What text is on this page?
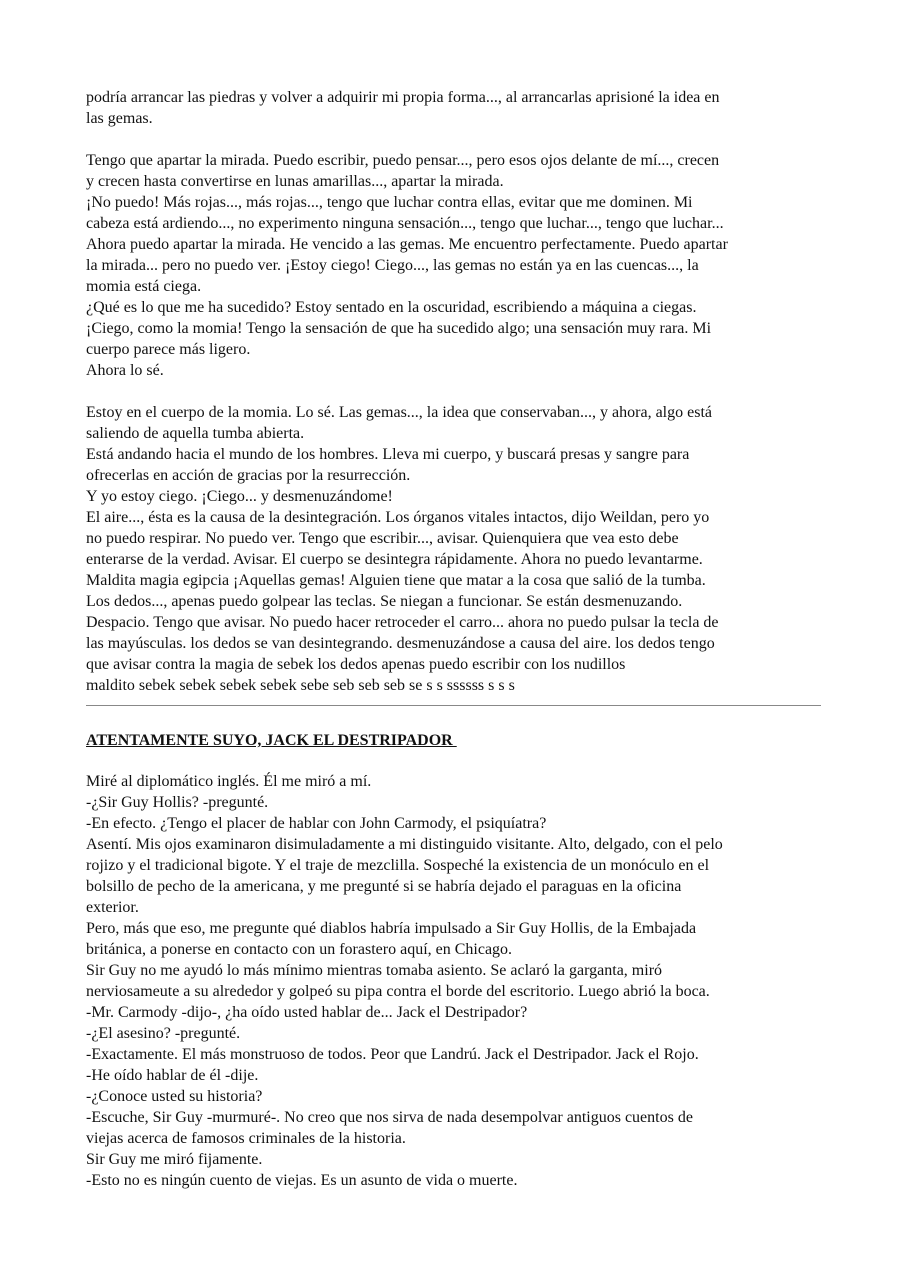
podría arrancar las piedras y volver a adquirir mi propia forma..., al arrancarlas aprisioné la idea en
las gemas.
Tengo que apartar la mirada. Puedo escribir, puedo pensar..., pero esos ojos delante de mí..., crecen
y crecen hasta convertirse en lunas amarillas..., apartar la mirada.
¡No puedo! Más rojas..., más rojas..., tengo que luchar contra ellas, evitar que me dominen. Mi
cabeza está ardiendo..., no experimento ninguna sensación..., tengo que luchar..., tengo que luchar...
Ahora puedo apartar la mirada. He vencido a las gemas. Me encuentro perfectamente. Puedo apartar
la mirada... pero no puedo ver. ¡Estoy ciego! Ciego..., las gemas no están ya en las cuencas..., la
momia está ciega.
¿Qué es lo que me ha sucedido? Estoy sentado en la oscuridad, escribiendo a máquina a ciegas.
¡Ciego, como la momia! Tengo la sensación de que ha sucedido algo; una sensación muy rara. Mi
cuerpo parece más ligero.
Ahora lo sé.
Estoy en el cuerpo de la momia. Lo sé. Las gemas..., la idea que conservaban..., y ahora, algo está
saliendo de aquella tumba abierta.
Está andando hacia el mundo de los hombres. Lleva mi cuerpo, y buscará presas y sangre para
ofrecerlas en acción de gracias por la resurrección.
Y yo estoy ciego. ¡Ciego... y desmenuzándome!
El aire..., ésta es la causa de la desintegración. Los órganos vitales intactos, dijo Weildan, pero yo
no puedo respirar. No puedo ver. Tengo que escribir..., avisar. Quienquiera que vea esto debe
enterarse de la verdad. Avisar. El cuerpo se desintegra rápidamente. Ahora no puedo levantarme.
Maldita magia egipcia ¡Aquellas gemas! Alguien tiene que matar a la cosa que salió de la tumba.
Los dedos..., apenas puedo golpear las teclas. Se niegan a funcionar. Se están desmenuzando.
Despacio. Tengo que avisar. No puedo hacer retroceder el carro... ahora no puedo pulsar la tecla de
las mayúsculas. los dedos se van desintegrando. desmenuzándose a causa del aire. los dedos tengo
que avisar contra la magia de sebek los dedos apenas puedo escribir con los nudillos
maldito sebek sebek sebek sebek sebe seb seb seb se s s ssssss s s s
ATENTAMENTE SUYO, JACK EL DESTRIPADOR
Miré al diplomático inglés. Él me miró a mí.
-¿Sir Guy Hollis? -pregunté.
-En efecto. ¿Tengo el placer de hablar con John Carmody, el psiquíatra?
Asentí. Mis ojos examinaron disimuladamente a mi distinguido visitante. Alto, delgado, con el pelo
rojizo y el tradicional bigote. Y el traje de mezclilla. Sospeché la existencia de un monóculo en el
bolsillo de pecho de la americana, y me pregunté si se habría dejado el paraguas en la oficina
exterior.
Pero, más que eso, me pregunte qué diablos habría impulsado a Sir Guy Hollis, de la Embajada
británica, a ponerse en contacto con un forastero aquí, en Chicago.
Sir Guy no me ayudó lo más mínimo mientras tomaba asiento. Se aclaró la garganta, miró
nerviosameute a su alrededor y golpeó su pipa contra el borde del escritorio. Luego abrió la boca.
-Mr. Carmody -dijo-, ¿ha oído usted hablar de... Jack el Destripador?
-¿El asesino? -pregunté.
-Exactamente. El más monstruoso de todos. Peor que Landrú. Jack el Destripador. Jack el Rojo.
-He oído hablar de él -dije.
-¿Conoce usted su historia?
-Escuche, Sir Guy -murmuré-. No creo que nos sirva de nada desempolvar antiguos cuentos de
viejas acerca de famosos criminales de la historia.
Sir Guy me miró fijamente.
-Esto no es ningún cuento de viejas. Es un asunto de vida o muerte.
